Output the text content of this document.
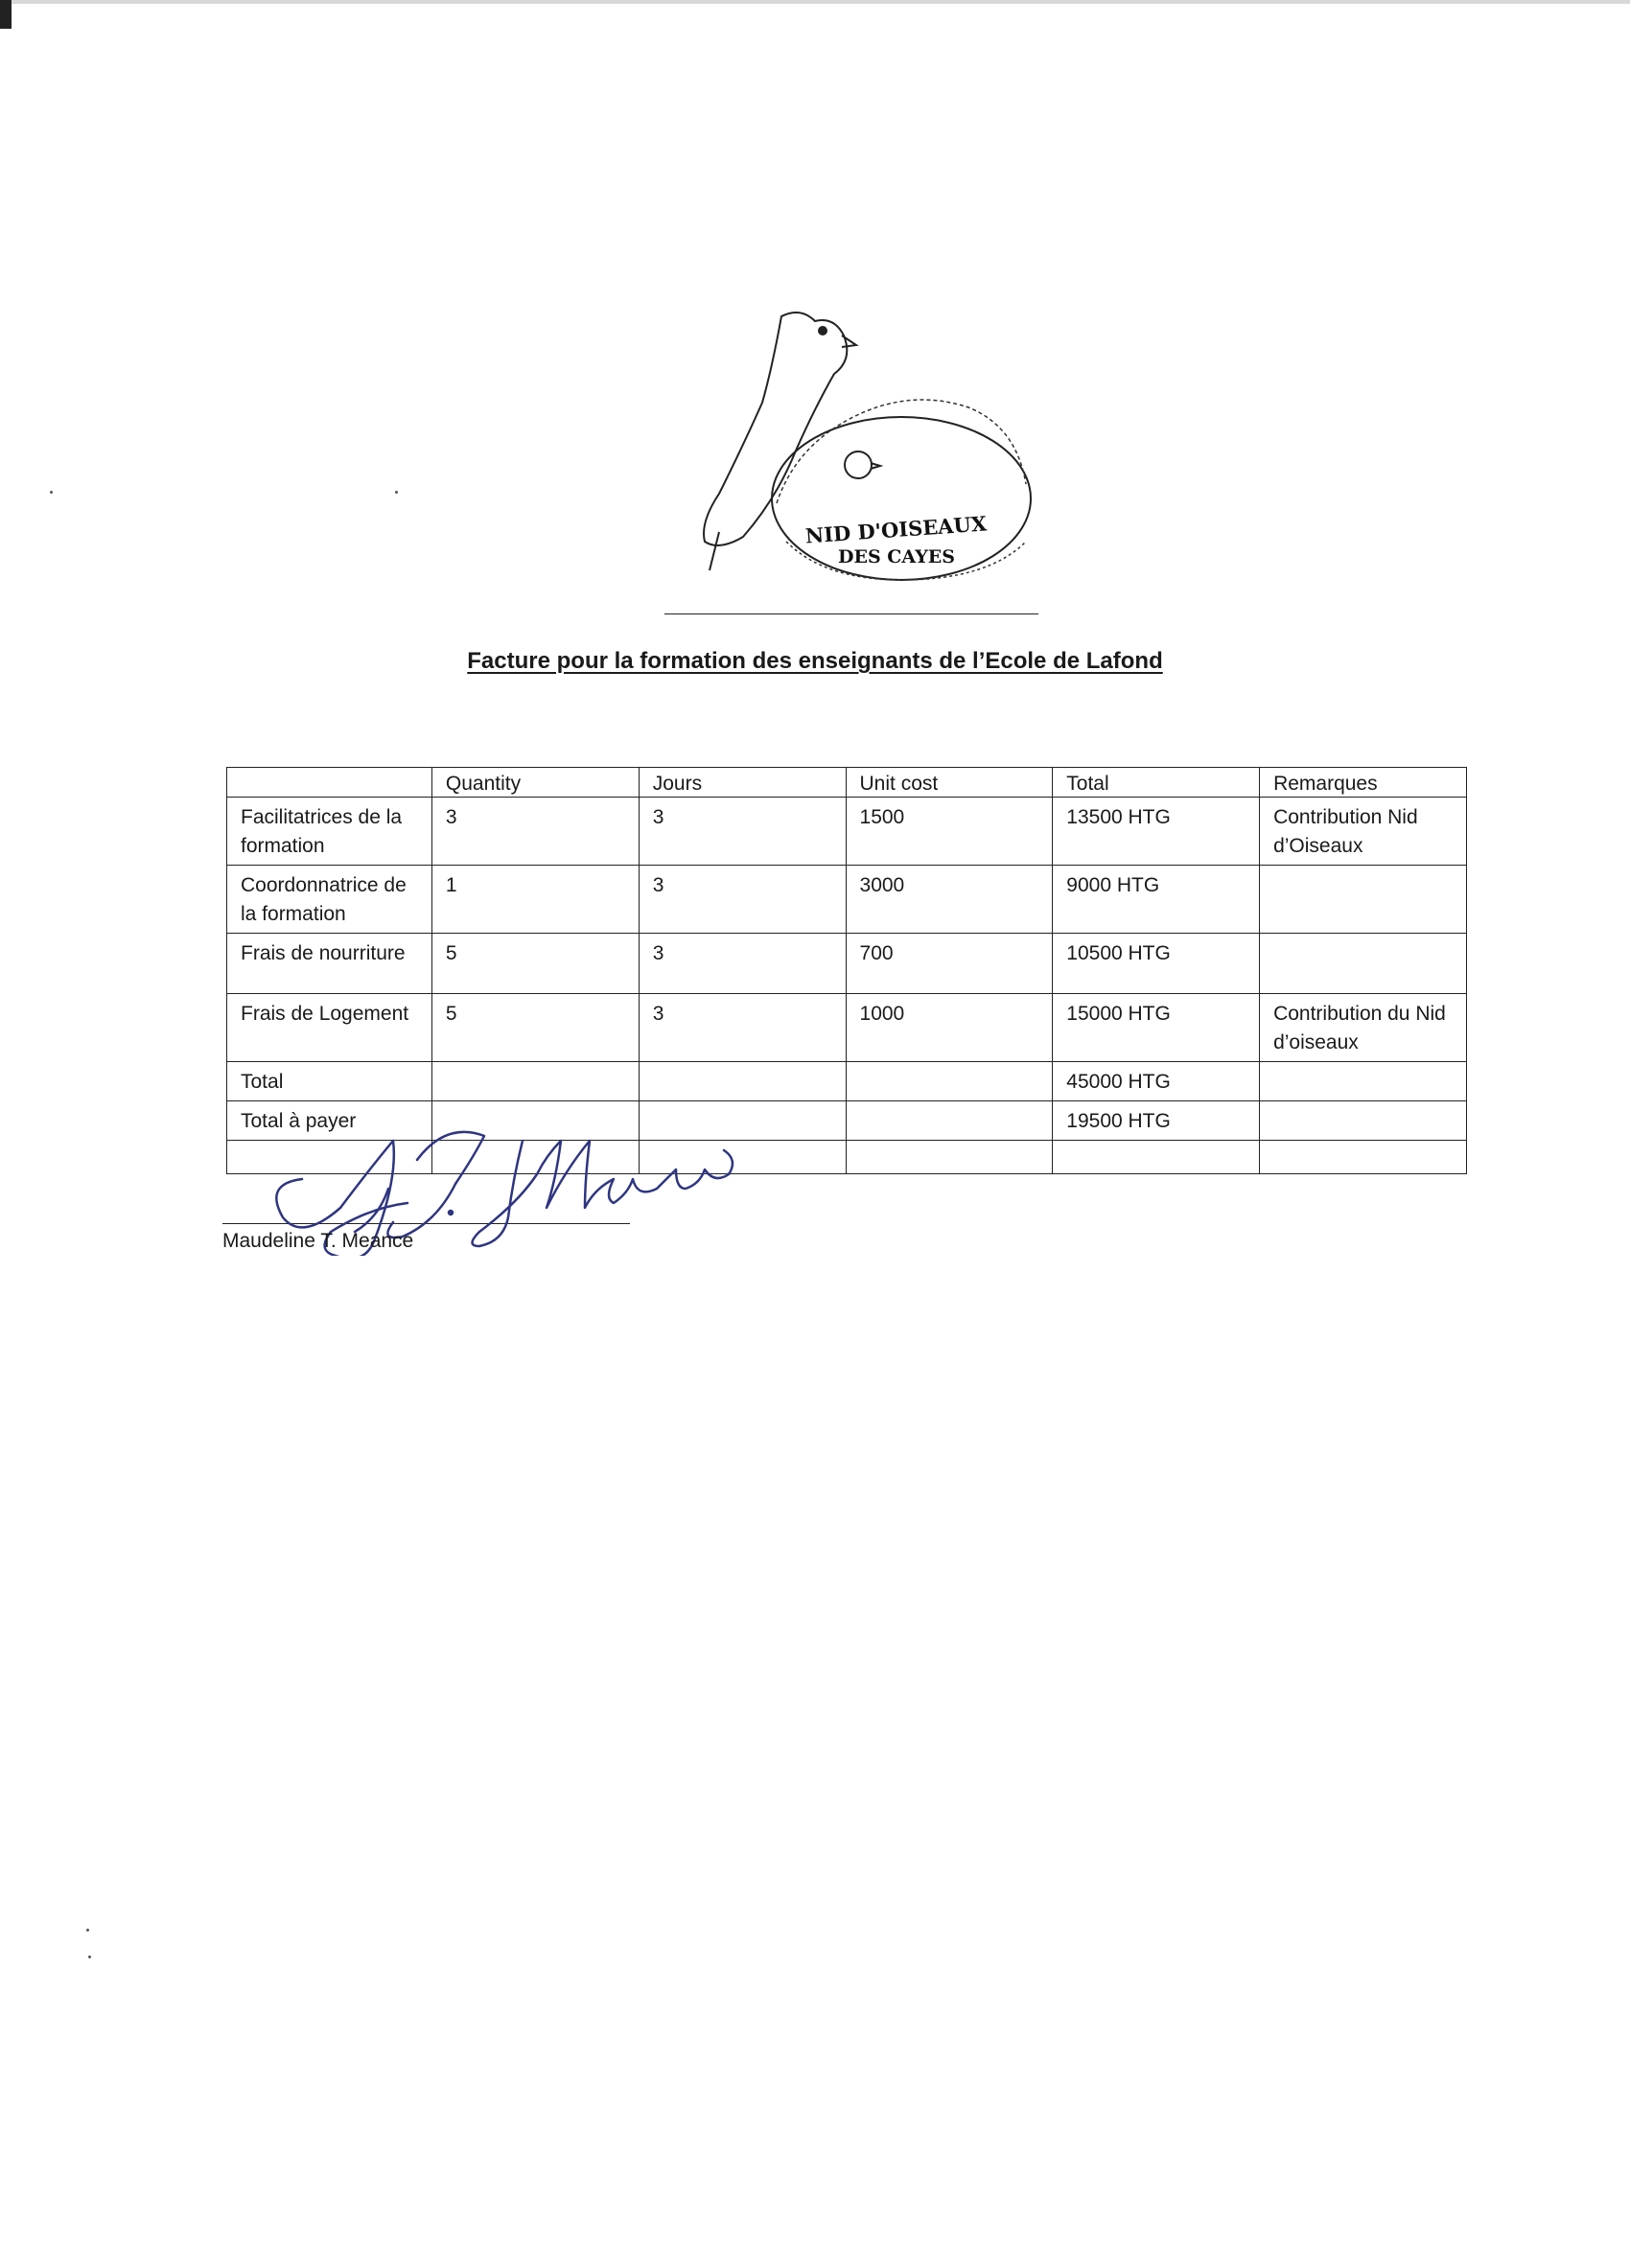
NID D'OISEAUX
DES CAYES
Facture pour la formation des enseignants de l’Ecole de Lafond
	Quantity	Jours	Unit cost	Total	Remarques
Facilitatrices de la formation	3	3	1500	13500 HTG	Contribution Nid d’Oiseaux
Coordonnatrice de la formation	1	3	3000	9000 HTG	
Frais de nourriture	5	3	700	10500 HTG	
Frais de Logement	5	3	1000	15000 HTG	Contribution du Nid d’oiseaux
Total				45000 HTG	
Total à payer				19500 HTG	

Maudeline T. Meance
